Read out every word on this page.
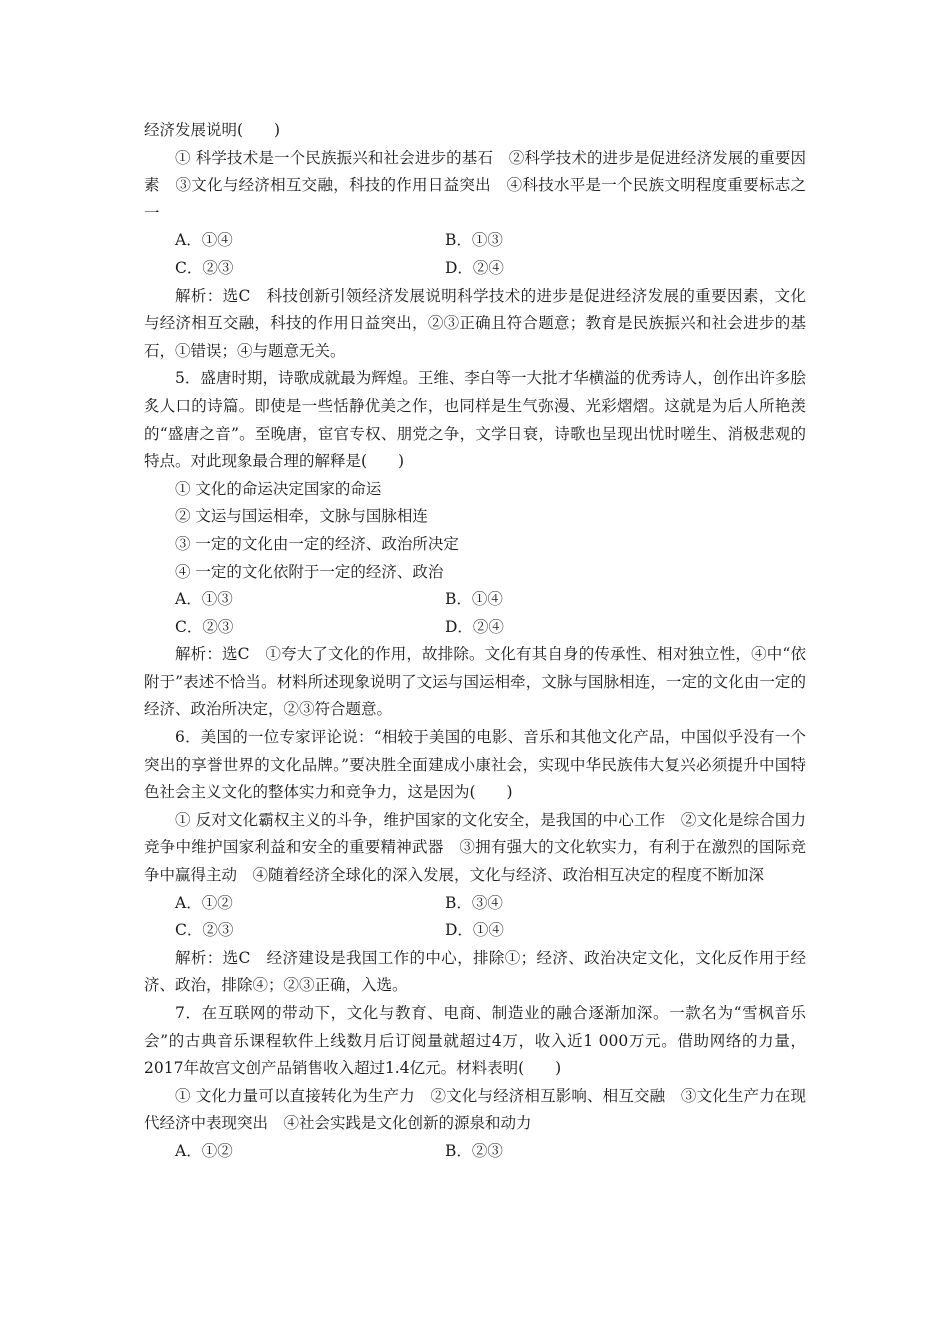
经济发展说明(　　)

① 科学技术是一个民族振兴和社会进步的基石　②科学技术的进步是促进经济发展的重要因素　③文化与经济相互交融，科技的作用日益突出　④科技水平是一个民族文明程度重要标志之一

A．①④	B．①③
C．②③	D．②④

解析：选C　科技创新引领经济发展说明科学技术的进步是促进经济发展的重要因素，文化与经济相互交融，科技的作用日益突出，②③正确且符合题意；教育是民族振兴和社会进步的基石，①错误；④与题意无关。

5．盛唐时期，诗歌成就最为辉煌。王维、李白等一大批才华横溢的优秀诗人，创作出许多脍炙人口的诗篇。即使是一些恬静优美之作，也同样是生气弥漫、光彩熠熠。这就是为后人所艳羡的“盛唐之音”。至晚唐，宦官专权、朋党之争，文学日衰，诗歌也呈现出忧时嗟生、消极悲观的特点。对此现象最合理的解释是(　　)

① 文化的命运决定国家的命运

② 文运与国运相牵，文脉与国脉相连

③ 一定的文化由一定的经济、政治所决定

④ 一定的文化依附于一定的经济、政治

A．①③	B．①④
C．②③	D．②④

解析：选C　①夸大了文化的作用，故排除。文化有其自身的传承性、相对独立性，④中“依附于”表述不恰当。材料所述现象说明了文运与国运相牵，文脉与国脉相连，一定的文化由一定的经济、政治所决定，②③符合题意。

6．美国的一位专家评论说：“相较于美国的电影、音乐和其他文化产品，中国似乎没有一个突出的享誉世界的文化品牌。”要决胜全面建成小康社会，实现中华民族伟大复兴必须提升中国特色社会主义文化的整体实力和竞争力，这是因为(　　)

① 反对文化霸权主义的斗争，维护国家的文化安全，是我国的中心工作　②文化是综合国力竞争中维护国家利益和安全的重要精神武器　③拥有强大的文化软实力，有利于在激烈的国际竞争中赢得主动　④随着经济全球化的深入发展，文化与经济、政治相互决定的程度不断加深

A．①②	B．③④
C．②③	D．①④

解析：选C　经济建设是我国工作的中心，排除①；经济、政治决定文化，文化反作用于经济、政治，排除④；②③正确，入选。

7．在互联网的带动下，文化与教育、电商、制造业的融合逐渐加深。一款名为“雪枫音乐会”的古典音乐课程软件上线数月后订阅量就超过4万，收入近1 000万元。借助网络的力量，2017年故宫文创产品销售收入超过1.4亿元。材料表明(　　)

① 文化力量可以直接转化为生产力　②文化与经济相互影响、相互交融　③文化生产力在现代经济中表现突出　④社会实践是文化创新的源泉和动力

A．①②	B．②③
